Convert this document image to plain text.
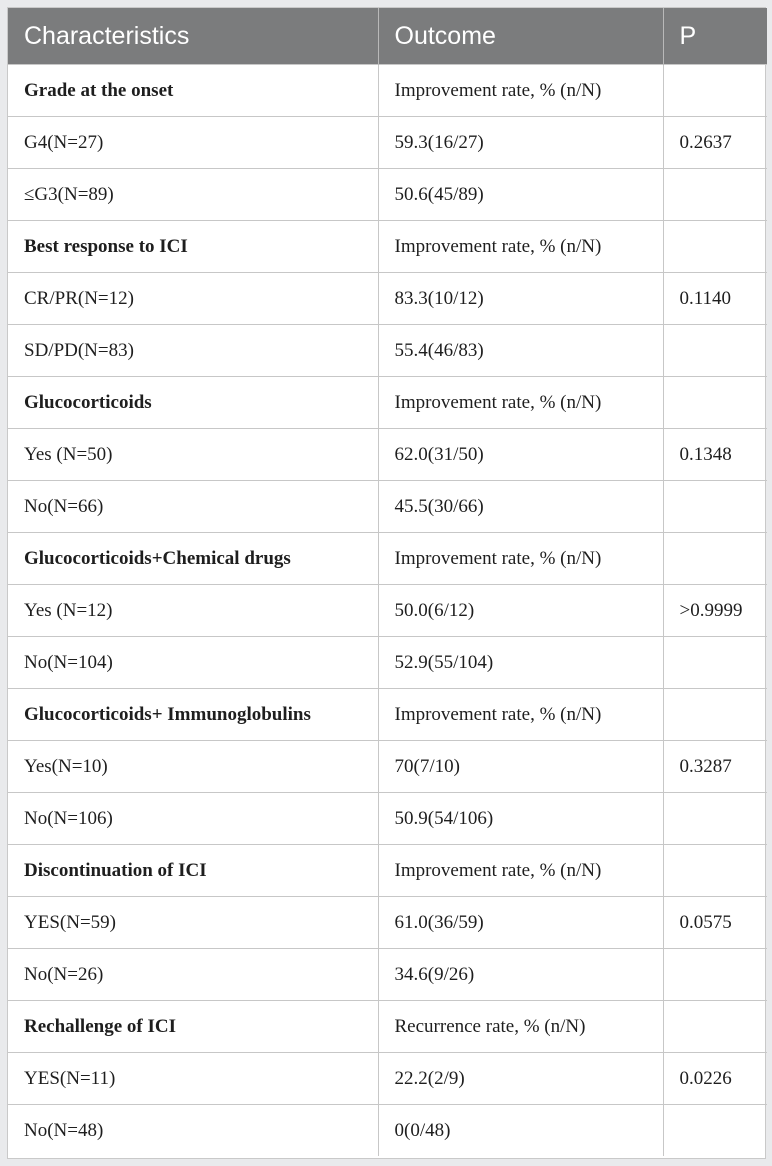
Characteristics	Outcome	P
Grade at the onset	Improvement rate, % (n/N)	
G4(N=27)	59.3(16/27)	0.2637
≤G3(N=89)	50.6(45/89)	
Best response to ICI	Improvement rate, % (n/N)	
CR/PR(N=12)	83.3(10/12)	0.1140
SD/PD(N=83)	55.4(46/83)	
Glucocorticoids	Improvement rate, % (n/N)	
Yes (N=50)	62.0(31/50)	0.1348
No(N=66)	45.5(30/66)	
Glucocorticoids+Chemical drugs	Improvement rate, % (n/N)	
Yes (N=12)	50.0(6/12)	>0.9999
No(N=104)	52.9(55/104)	
Glucocorticoids+ Immunoglobulins	Improvement rate, % (n/N)	
Yes(N=10)	70(7/10)	0.3287
No(N=106)	50.9(54/106)	
Discontinuation of ICI	Improvement rate, % (n/N)	
YES(N=59)	61.0(36/59)	0.0575
No(N=26)	34.6(9/26)	
Rechallenge of ICI	Recurrence rate, % (n/N)	
YES(N=11)	22.2(2/9)	0.0226
No(N=48)	0(0/48)	
